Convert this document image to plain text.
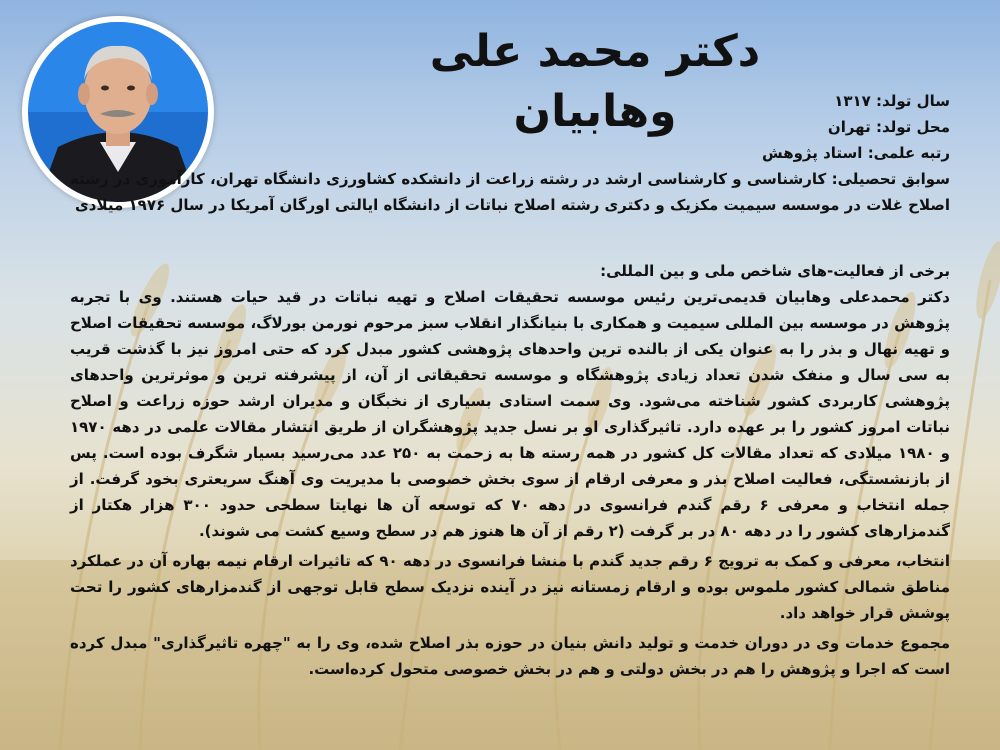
دکتر محمد علی وهابیان	سال تولد: ۱۳۱۷

محل تولد: تهران

رتبه علمی: استاد پژوهش

سوابق تحصیلی: کارشناسی و کارشناسی ارشد در رشته زراعت از دانشکده کشاورزی دانشگاه تهران، کارآموزی در رشته اصلاح غلات در موسسه سیمیت مکزیک و دکتری رشته اصلاح نباتات از دانشگاه ایالتی اورگان آمریکا در سال ۱۹۷۶ میلادی

برخی از فعالیت-های شاخص ملی و بین المللی:

دکتر محمدعلی وهابیان قدیمی‌ترین رئیس موسسه تحقیقات اصلاح و تهیه نباتات در قید حیات هستند. وی با تجربه پژوهش در موسسه بین المللی سیمیت و همکاری با بنیانگذار انقلاب سبز مرحوم نورمن بورلاگ، موسسه تحقیقات اصلاح و تهیه نهال و بذر را به عنوان یکی از بالنده ترین واحدهای پژوهشی کشور مبدل کرد که حتی امروز نیز با گذشت قریب به سی سال و منفک شدن تعداد زیادی پژوهشگاه و موسسه تحقیقاتی از آن، از پیشرفته ترین و موثرترین واحدهای پژوهشی کاربردی کشور شناخته می‌شود. وی سمت استادی بسیاری از نخبگان و مدیران ارشد حوزه زراعت و اصلاح نباتات امروز کشور را بر عهده دارد. تاثیرگذاری او بر نسل جدید پژوهشگران از طریق انتشار مقالات علمی در دهه ۱۹۷۰ و ۱۹۸۰ میلادی که تعداد مقالات کل کشور در همه رسته ها به زحمت به ۲۵۰ عدد می‌رسید بسیار شگرف بوده است. پس از بازنشستگی، فعالیت اصلاح بذر و معرفی ارقام از سوی بخش خصوصی با مدیریت وی آهنگ سریعتری بخود گرفت. از جمله انتخاب و معرفی ۶ رقم گندم فرانسوی در دهه ۷۰ که توسعه آن ها نهایتا سطحی حدود ۳۰۰ هزار هکتار از گندمزارهای کشور را در دهه ۸۰ در بر گرفت (۲ رقم از آن ها هنوز هم در سطح وسیع کشت می شوند).

انتخاب، معرفی و کمک به ترویج ۶ رقم جدید گندم با منشا فرانسوی در دهه ۹۰ که تاثیرات ارقام نیمه بهاره آن در عملکرد مناطق شمالی کشور ملموس بوده و ارقام زمستانه نیز در آینده نزدیک سطح قابل توجهی از گندمزارهای کشور را تحت پوشش قرار خواهد داد.

مجموع خدمات وی در دوران خدمت و تولید دانش بنیان در حوزه بذر اصلاح شده، وی را به "چهره تاثیرگذاری" مبدل کرده است که اجرا و پژوهش را هم در بخش دولتی و هم در بخش خصوصی متحول کرده‌است.
